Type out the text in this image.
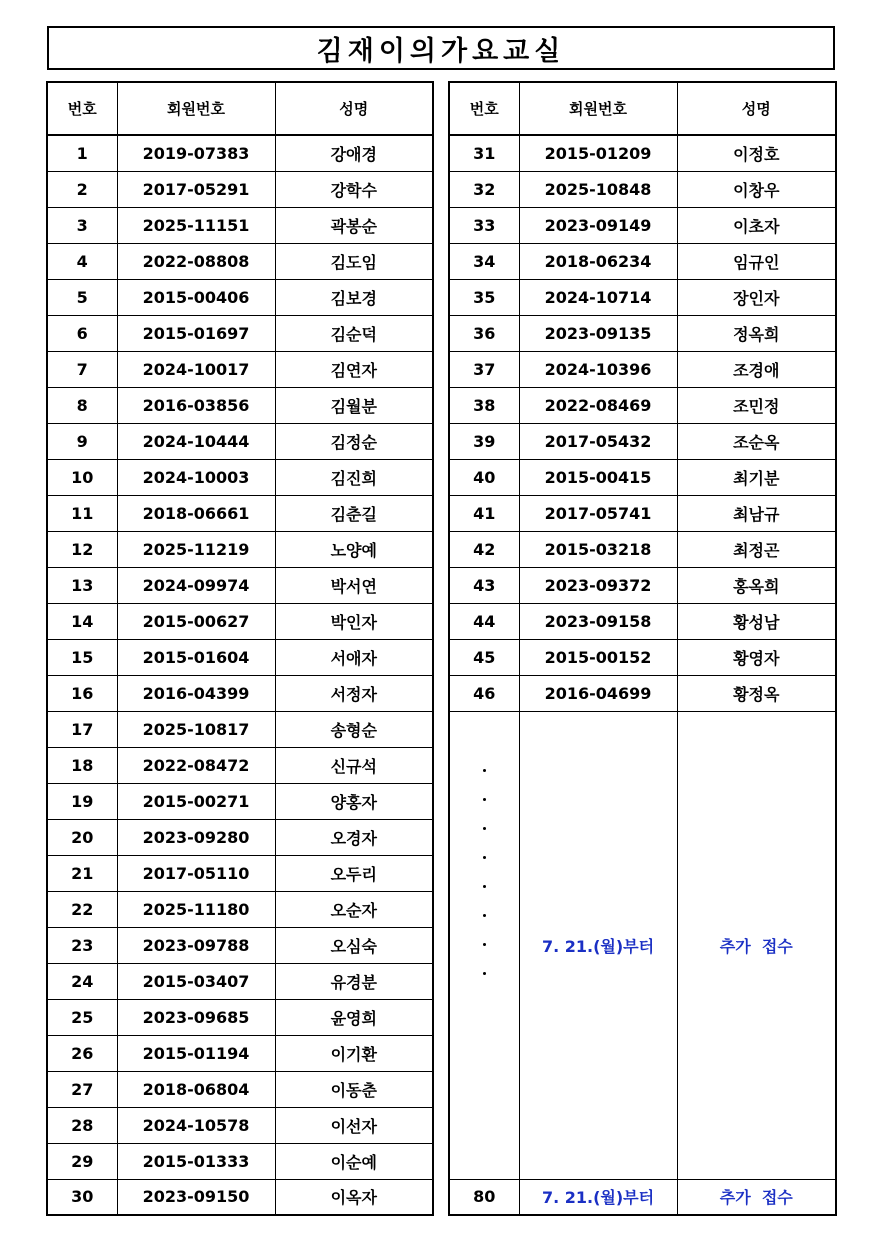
김재이의가요교실
번호	회원번호	성명
1	2019-07383	강애경
2	2017-05291	강학수
3	2025-11151	곽봉순
4	2022-08808	김도임
5	2015-00406	김보경
6	2015-01697	김순덕
7	2024-10017	김연자
8	2016-03856	김월분
9	2024-10444	김정순
10	2024-10003	김진희
11	2018-06661	김춘길
12	2025-11219	노양예
13	2024-09974	박서연
14	2015-00627	박인자
15	2015-01604	서애자
16	2016-04399	서정자
17	2025-10817	송형순
18	2022-08472	신규석
19	2015-00271	양홍자
20	2023-09280	오경자
21	2017-05110	오두리
22	2025-11180	오순자
23	2023-09788	오심숙
24	2015-03407	유경분
25	2023-09685	윤영희
26	2015-01194	이기환
27	2018-06804	이동춘
28	2024-10578	이선자
29	2015-01333	이순예
30	2023-09150	이옥자
번호	회원번호	성명
31	2015-01209	이정호
32	2025-10848	이창우
33	2023-09149	이초자
34	2018-06234	임규인
35	2024-10714	장인자
36	2023-09135	정옥희
37	2024-10396	조경애
38	2022-08469	조민정
39	2017-05432	조순옥
40	2015-00415	최기분
41	2017-05741	최남규
42	2015-03218	최정곤
43	2023-09372	홍옥희
44	2023-09158	황성남
45	2015-00152	황영자
46	2016-04699	황정옥

	7. 21.(월)부터	추가  접수
80	7. 21.(월)부터	추가  접수
